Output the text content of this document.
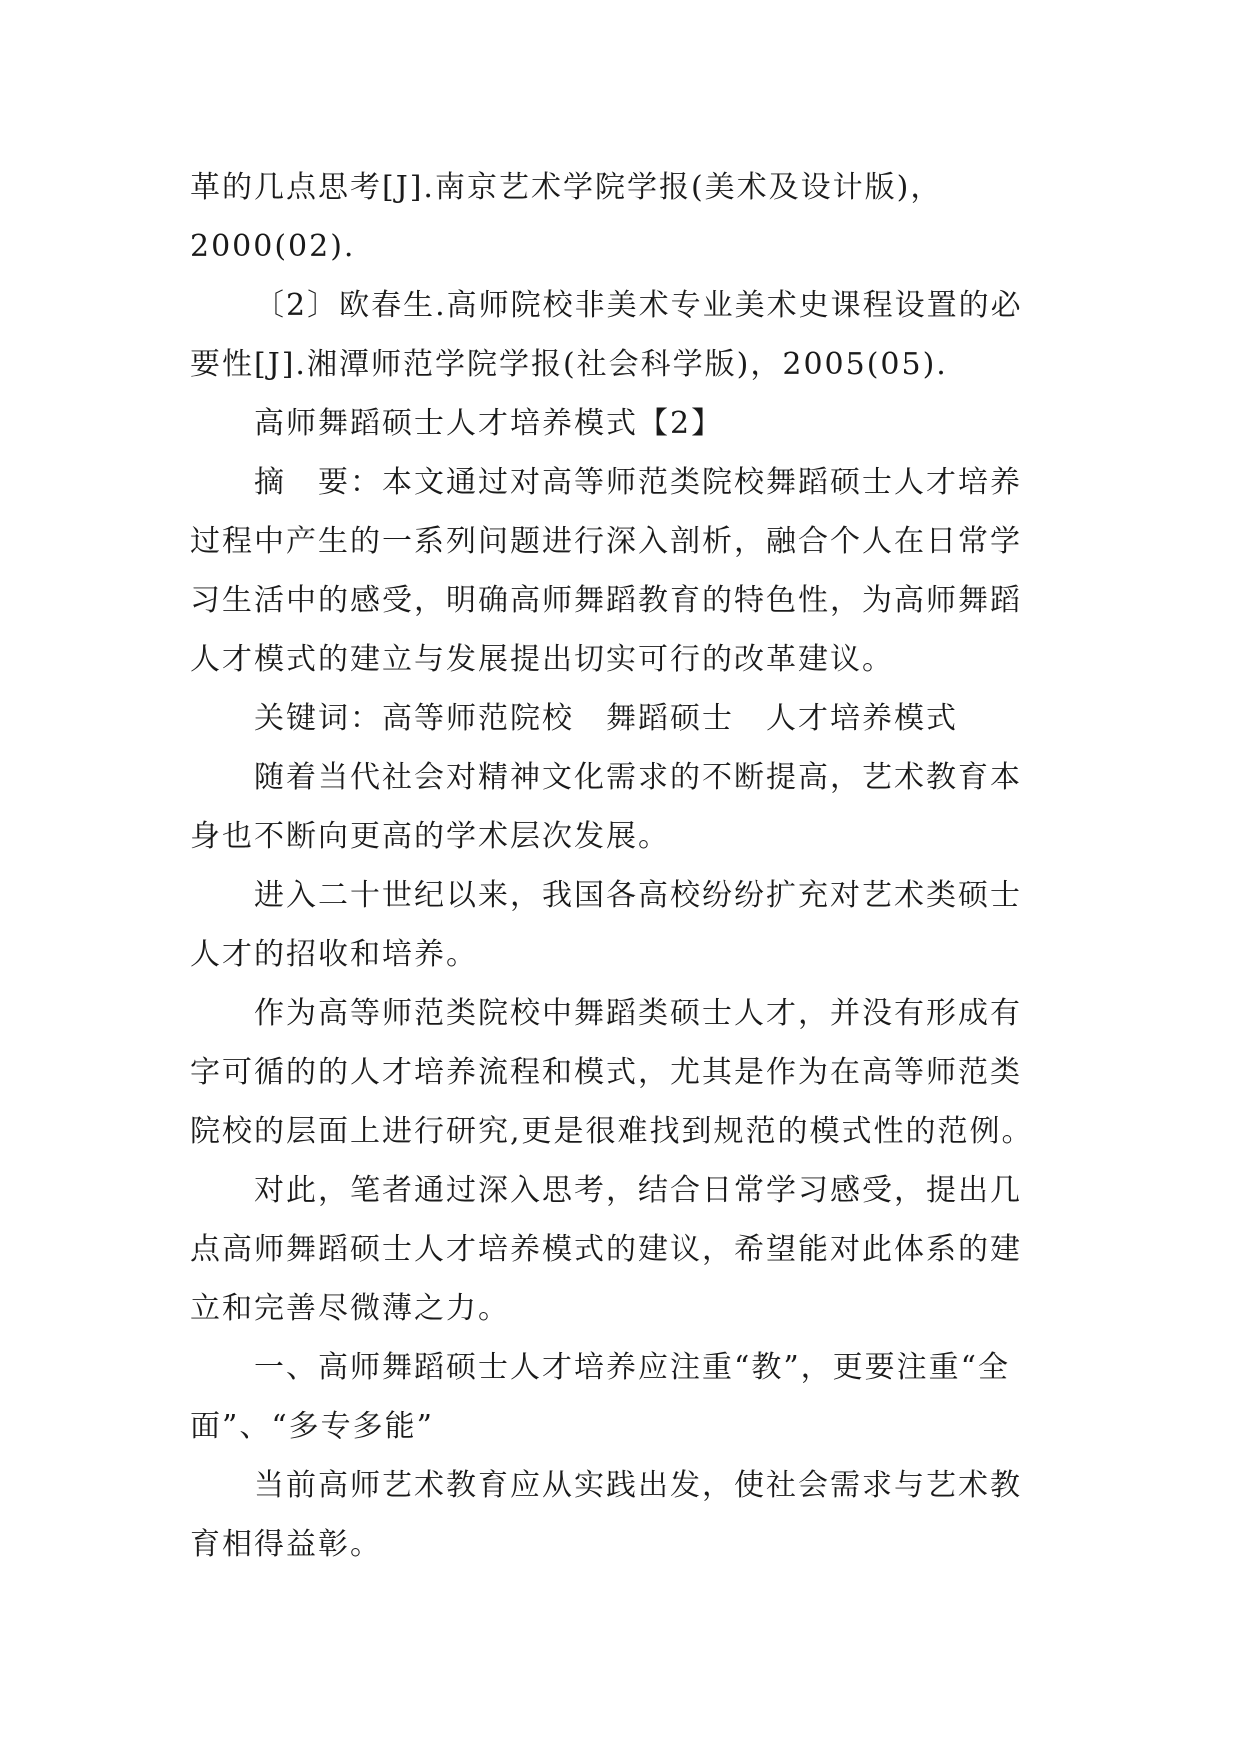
革的几点思考[J].南京艺术学院学报(美术及设计版)，
2000(02).

〔2〕欧春生.高师院校非美术专业美术史课程设置的必

要性[J].湘潭师范学院学报(社会科学版)，2005(05).

高师舞蹈硕士人才培养模式【2】

摘　要：本文通过对高等师范类院校舞蹈硕士人才培养

过程中产生的一系列问题进行深入剖析，融合个人在日常学
习生活中的感受，明确高师舞蹈教育的特色性，为高师舞蹈
人才模式的建立与发展提出切实可行的改革建议。

关键词：高等师范院校　舞蹈硕士　人才培养模式

随着当代社会对精神文化需求的不断提高，艺术教育本

身也不断向更高的学术层次发展。

进入二十世纪以来，我国各高校纷纷扩充对艺术类硕士

人才的招收和培养。

作为高等师范类院校中舞蹈类硕士人才，并没有形成有

字可循的的人才培养流程和模式，尤其是作为在高等师范类
院校的层面上进行研究,更是很难找到规范的模式性的范例。

对此，笔者通过深入思考，结合日常学习感受，提出几

点高师舞蹈硕士人才培养模式的建议，希望能对此体系的建
立和完善尽微薄之力。

一、高师舞蹈硕士人才培养应注重“教”，更要注重“全

面”、“多专多能”

当前高师艺术教育应从实践出发，使社会需求与艺术教

育相得益彰。
